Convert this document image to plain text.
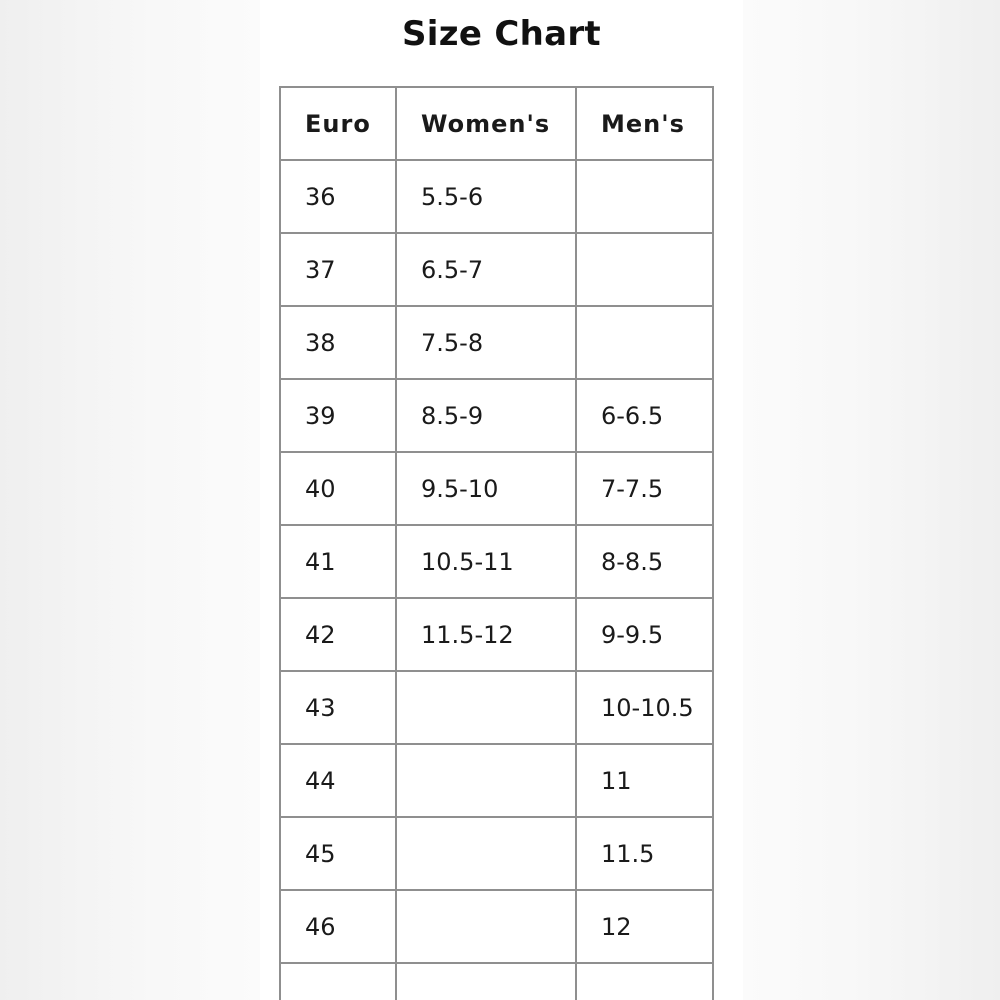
Size Chart
Euro	Women's	Men's
36	5.5-6	
37	6.5-7	
38	7.5-8	
39	8.5-9	6-6.5
40	9.5-10	7-7.5
41	10.5-11	8-8.5
42	11.5-12	9-9.5
43		10-10.5
44		11
45		11.5
46		12
